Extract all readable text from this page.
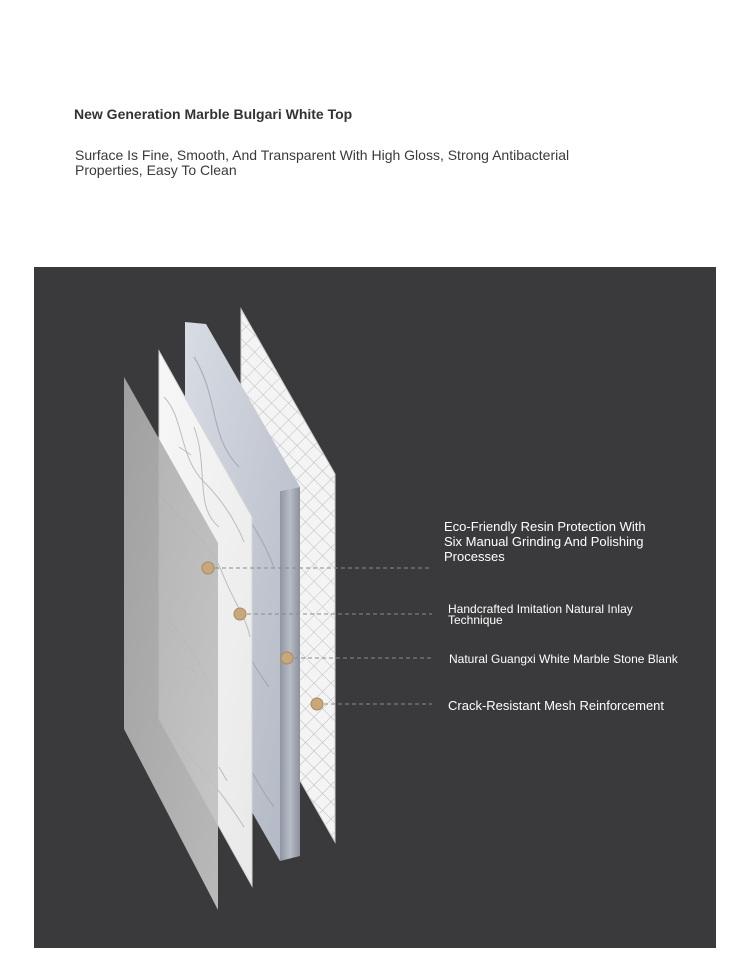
New Generation Marble Bulgari White Top

Surface Is Fine, Smooth, And Transparent With High Gloss, Strong Antibacterial Properties, Easy To Clean

Eco-Friendly Resin Protection With Six Manual Grinding And Polishing Processes

Handcrafted Imitation Natural Inlay Technique

Natural Guangxi White Marble Stone Blank

Crack-Resistant Mesh Reinforcement
